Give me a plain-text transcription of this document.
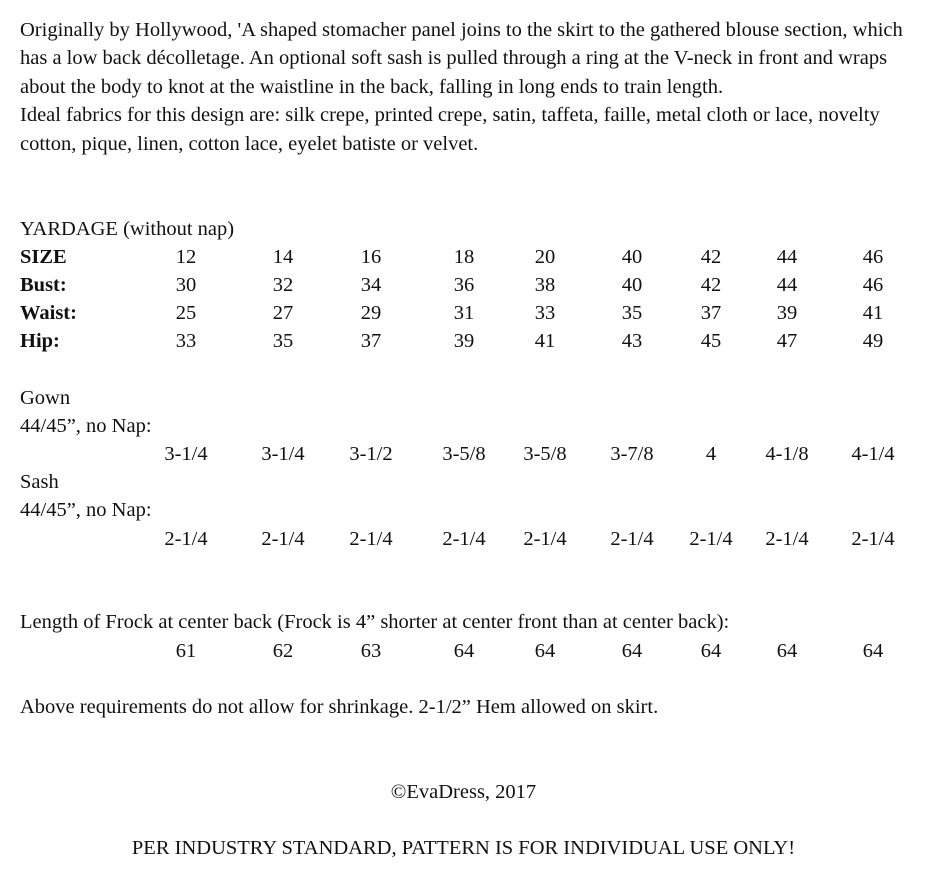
Originally by Hollywood, 'A shaped stomacher panel joins to the skirt to the gathered blouse section, which has a low back décolletage. An optional soft sash is pulled through a ring at the V-neck in front and wraps about the body to knot at the waistline in the back, falling in long ends to train length.

Ideal fabrics for this design are: silk crepe, printed crepe, satin, taffeta, faille, metal cloth or lace, novelty cotton, pique, linen, cotton lace, eyelet batiste or velvet.

YARDAGE (without nap)
SIZE	12	14	16	18	20	40	42	44	46
Bust:	30	32	34	36	38	40	42	44	46
Waist:	25	27	29	31	33	35	37	39	41
Hip:	33	35	37	39	41	43	45	47	49
Gown
44/45”, no Nap:
3-1/4	3-1/4	3-1/2	3-5/8	3-5/8	3-7/8	4	4-1/8	4-1/4
Sash
44/45”, no Nap:
2-1/4	2-1/4	2-1/4	2-1/4	2-1/4	2-1/4	2-1/4	2-1/4	2-1/4
Length of Frock at center back (Frock is 4” shorter at center front than at center back):
61	62	63	64	64	64	64	64	64
Above requirements do not allow for shrinkage. 2-1/2” Hem allowed on skirt.
©EvaDress, 2017
PER INDUSTRY STANDARD, PATTERN IS FOR INDIVIDUAL USE ONLY!
